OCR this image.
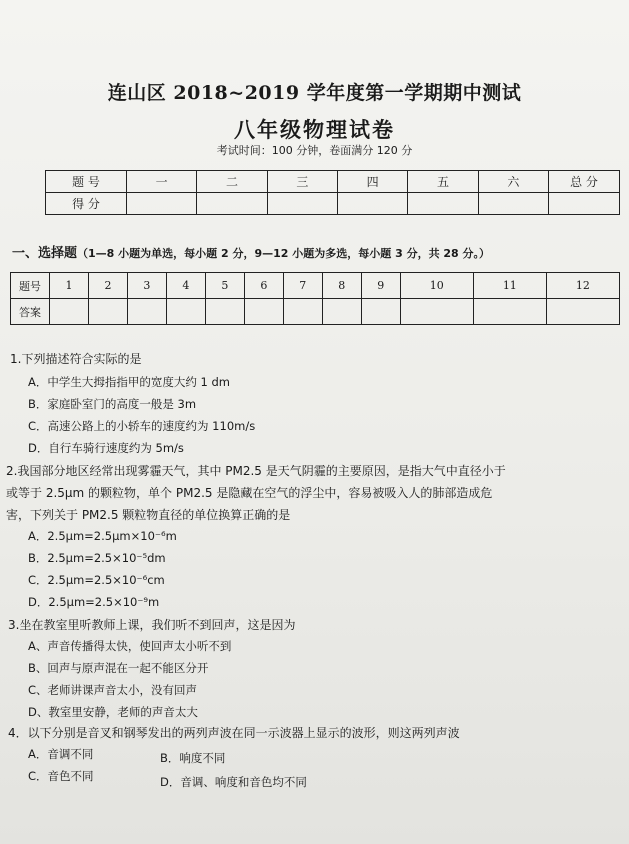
连山区 2018~2019 学年度第一学期期中测试
八年级物理试卷
考试时间：100 分钟，卷面满分 120 分
题 号	一	二	三	四	五	六	总 分
得 分							
一、选择题（1—8 小题为单选，每小题 2 分，9—12 小题为多选，每小题 3 分，共 28 分。）
题号	1	2	3	4	5	6	7	8	9	10	11	12
答案												
1.下列描述符合实际的是
A．中学生大拇指指甲的宽度大约 1 dm
B．家庭卧室门的高度一般是 3m
C．高速公路上的小轿车的速度约为 110m/s
D．自行车骑行速度约为 5m/s
2.我国部分地区经常出现雾霾天气，其中 PM2.5 是天气阴霾的主要原因，是指大气中直径小于
或等于 2.5μm 的颗粒物，单个 PM2.5 是隐藏在空气的浮尘中，容易被吸入人的肺部造成危
害，下列关于 PM2.5 颗粒物直径的单位换算正确的是
A．2.5μm=2.5μm×10⁻⁶m
B．2.5μm=2.5×10⁻⁵dm
C．2.5μm=2.5×10⁻⁶cm
D．2.5μm=2.5×10⁻⁹m
3.坐在教室里听教师上课，我们听不到回声，这是因为
A、声音传播得太快，使回声太小听不到
B、回声与原声混在一起不能区分开
C、老师讲课声音太小，没有回声
D、教室里安静，老师的声音太大
4．以下分别是音叉和钢琴发出的两列声波在同一示波器上显示的波形，则这两列声波
A．音调不同	B．响度不同
C．音色不同	D．音调、响度和音色均不同
